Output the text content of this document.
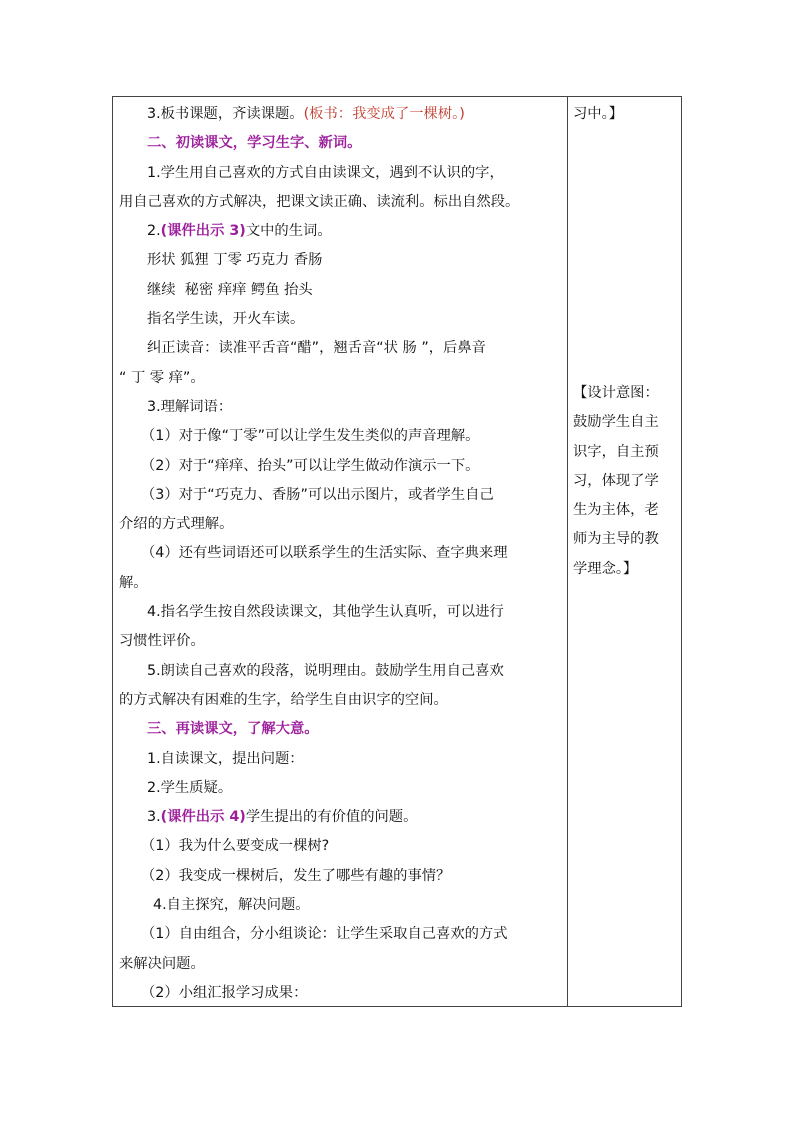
3.板书课题，齐读课题。(板书：我变成了一棵树。)
二、初读课文，学习生字、新词。
1.学生用自己喜欢的方式自由读课文，遇到不认识的字，
用自己喜欢的方式解决，把课文读正确、读流利。标出自然段。
2.(课件出示 3)文中的生词。
形状 狐狸 丁零 巧克力 香肠
继续  秘密 痒痒 鳄鱼 抬头
指名学生读，开火车读。
纠正读音：读准平舌音“醋”，翘舌音“状 肠 ”，后鼻音
“ 丁 零 痒”。
3.理解词语：
（1）对于像“丁零”可以让学生发生类似的声音理解。
（2）对于“痒痒、抬头”可以让学生做动作演示一下。
（3）对于“巧克力、香肠”可以出示图片，或者学生自己
介绍的方式理解。
（4）还有些词语还可以联系学生的生活实际、查字典来理
解。
4.指名学生按自然段读课文，其他学生认真听，可以进行
习惯性评价。
5.朗读自己喜欢的段落，说明理由。鼓励学生用自己喜欢
的方式解决有困难的生字，给学生自由识字的空间。
三、再读课文，了解大意。
1.自读课文，提出问题：
2.学生质疑。
3.(课件出示 4)学生提出的有价值的问题。
（1）我为什么要变成一棵树?
（2）我变成一棵树后，发生了哪些有趣的事情？
4.自主探究，解决问题。
（1）自由组合，分小组谈论：让学生采取自己喜欢的方式
来解决问题。
（2）小组汇报学习成果：
习中。】
【设计意图：
鼓励学生自主
识字，自主预
习，体现了学
生为主体，老
师为主导的教
学理念。】
